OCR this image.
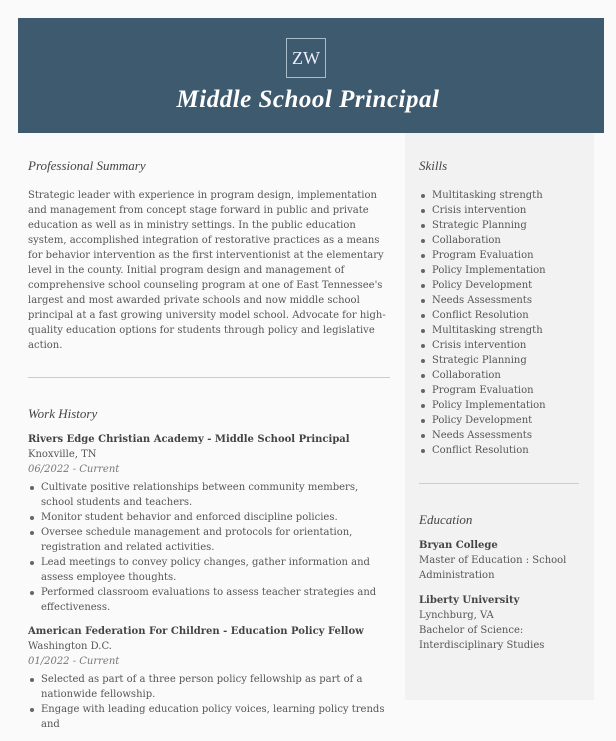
ZW
Middle School Principal
Professional Summary

Strategic leader with experience in program design, implementation and management from concept stage forward in public and private education as well as in ministry settings. In the public education system, accomplished integration of restorative practices as a means for behavior intervention as the first interventionist at the elementary level in the county. Initial program design and management of comprehensive school counseling program at one of East Tennessee's largest and most awarded private schools and now middle school principal at a fast growing university model school. Advocate for high-quality education options for students through policy and legislative action.

Work History
Rivers Edge Christian Academy - Middle School Principal
Knoxville, TN
06/2022 - Current
Cultivate positive relationships between community members, school students and teachers.
Monitor student behavior and enforced discipline policies.
Oversee schedule management and protocols for orientation, registration and related activities.
Lead meetings to convey policy changes, gather information and assess employee thoughts.
Performed classroom evaluations to assess teacher strategies and effectiveness.
American Federation For Children - Education Policy Fellow
Washington D.C.
01/2022 - Current
Selected as part of a three person policy fellowship as part of a nationwide fellowship.
Engage with leading education policy voices, learning policy trends and
Skills
Multitasking strength
Crisis intervention
Strategic Planning
Collaboration
Program Evaluation
Policy Implementation
Policy Development
Needs Assessments
Conflict Resolution
Multitasking strength
Crisis intervention
Strategic Planning
Collaboration
Program Evaluation
Policy Implementation
Policy Development
Needs Assessments
Conflict Resolution
Education
Bryan College
Master of Education : School Administration
Liberty University
Lynchburg, VA
Bachelor of Science: Interdisciplinary Studies
